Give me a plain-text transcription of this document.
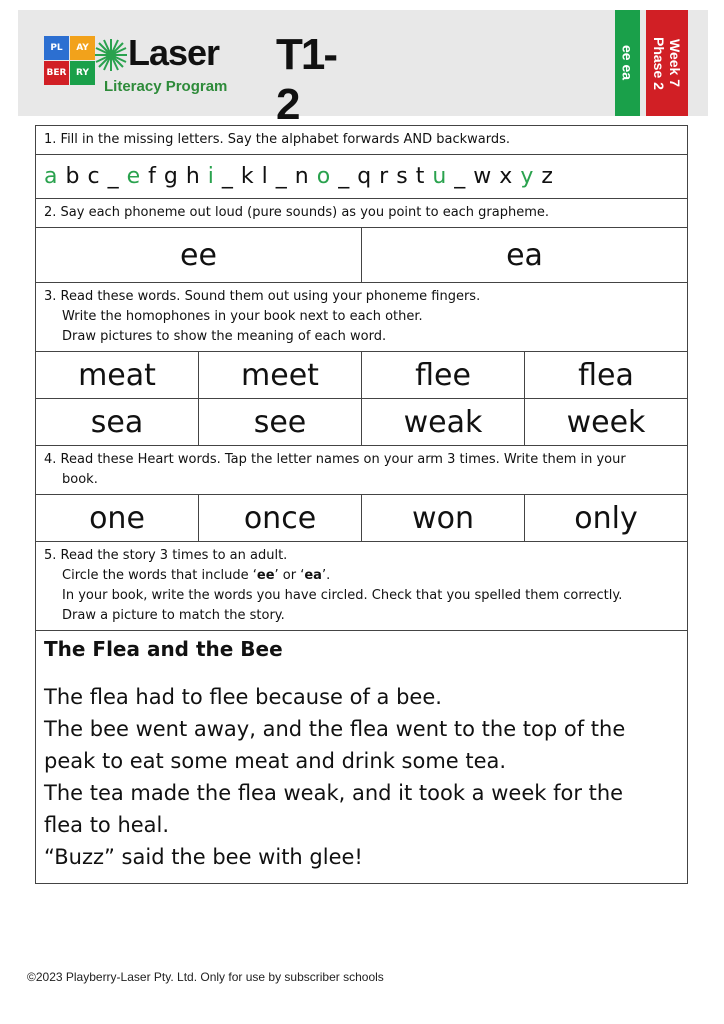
PL	AY
BER	RY Laser T1-2
Literacy Program
ee ea Phase 2 Week 7
1. Fill in the missing letters. Say the alphabet forwards AND backwards.
a b c _ e f g h i _ k l _ n o _ q r s t u _ w x y z
2. Say each phoneme out loud (pure sounds) as you point to each grapheme.
ee	ea
3. Read these words. Sound them out using your phoneme fingers.
Write the homophones in your book next to each other.
Draw pictures to show the meaning of each word.
meat	meet	flee	flea
sea	see	weak	week
4. Read these Heart words. Tap the letter names on your arm 3 times. Write them in your
book.
one	once	won	only
5. Read the story 3 times to an adult.
Circle the words that include ‘ee’ or ‘ea’.
In your book, write the words you have circled. Check that you spelled them correctly.
Draw a picture to match the story.
The Flea and the Bee

The flea had to flee because of a bee.

The bee went away, and the flea went to the top of the

peak to eat some meat and drink some tea.

The tea made the flea weak, and it took a week for the

flea to heal.

“Buzz” said the bee with glee!

©2023 Playberry-Laser Pty. Ltd. Only for use by subscriber schools
